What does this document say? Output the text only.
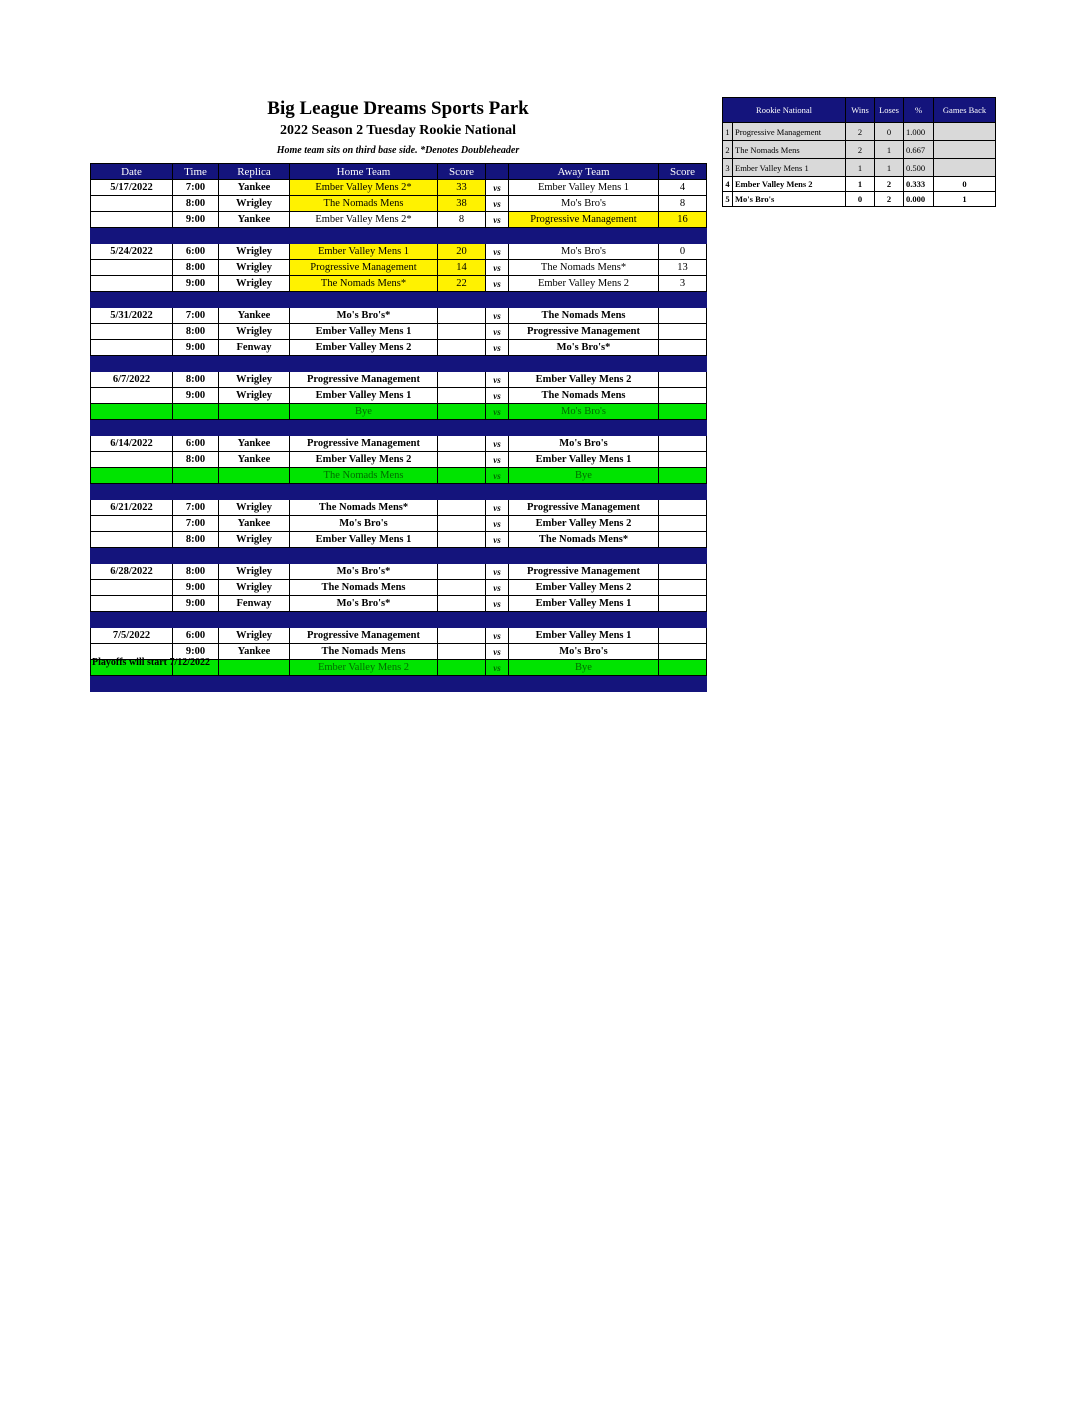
Big League Dreams Sports Park
2022 Season 2 Tuesday Rookie National
Home team sits on third base side. *Denotes Doubleheader
Date	Time	Replica	Home Team	Score		Away Team	Score
5/17/2022	7:00	Yankee	Ember Valley Mens 2*	33	vs	Ember Valley Mens 1	4
	8:00	Wrigley	The Nomads Mens	38	vs	Mo's Bro's	8
	9:00	Yankee	Ember Valley Mens 2*	8	vs	Progressive Management	16

5/24/2022	6:00	Wrigley	Ember Valley Mens 1	20	vs	Mo's Bro's	0
	8:00	Wrigley	Progressive Management	14	vs	The Nomads Mens*	13
	9:00	Wrigley	The Nomads Mens*	22	vs	Ember Valley Mens 2	3

5/31/2022	7:00	Yankee	Mo's Bro's*		vs	The Nomads Mens	
	8:00	Wrigley	Ember Valley Mens 1		vs	Progressive Management	
	9:00	Fenway	Ember Valley Mens 2		vs	Mo's Bro's*	

6/7/2022	8:00	Wrigley	Progressive Management		vs	Ember Valley Mens 2	
	9:00	Wrigley	Ember Valley Mens 1		vs	The Nomads Mens	
			Bye		vs	Mo's Bro's	

6/14/2022	6:00	Yankee	Progressive Management		vs	Mo's Bro's	
	8:00	Yankee	Ember Valley Mens 2		vs	Ember Valley Mens 1	
			The Nomads Mens		vs	Bye	

6/21/2022	7:00	Wrigley	The Nomads Mens*		vs	Progressive Management	
	7:00	Yankee	Mo's Bro's		vs	Ember Valley Mens 2	
	8:00	Wrigley	Ember Valley Mens 1		vs	The Nomads Mens*	

6/28/2022	8:00	Wrigley	Mo's Bro's*		vs	Progressive Management	
	9:00	Wrigley	The Nomads Mens		vs	Ember Valley Mens 2	
	9:00	Fenway	Mo's Bro's*		vs	Ember Valley Mens 1	

7/5/2022	6:00	Wrigley	Progressive Management		vs	Ember Valley Mens 1	
	9:00	Yankee	The Nomads Mens		vs	Mo's Bro's	
			Ember Valley Mens 2		vs	Bye	

Rookie National		Wins	Loses	%	Games Back
1	Progressive Management	2	0	1.000	
2	The Nomads Mens	2	1	0.667	
3	Ember Valley Mens 1	1	1	0.500	
4	Ember Valley Mens 2	1	2	0.333	0
5	Mo's Bro's	0	2	0.000	1
Playoffs will start 7/12/2022
